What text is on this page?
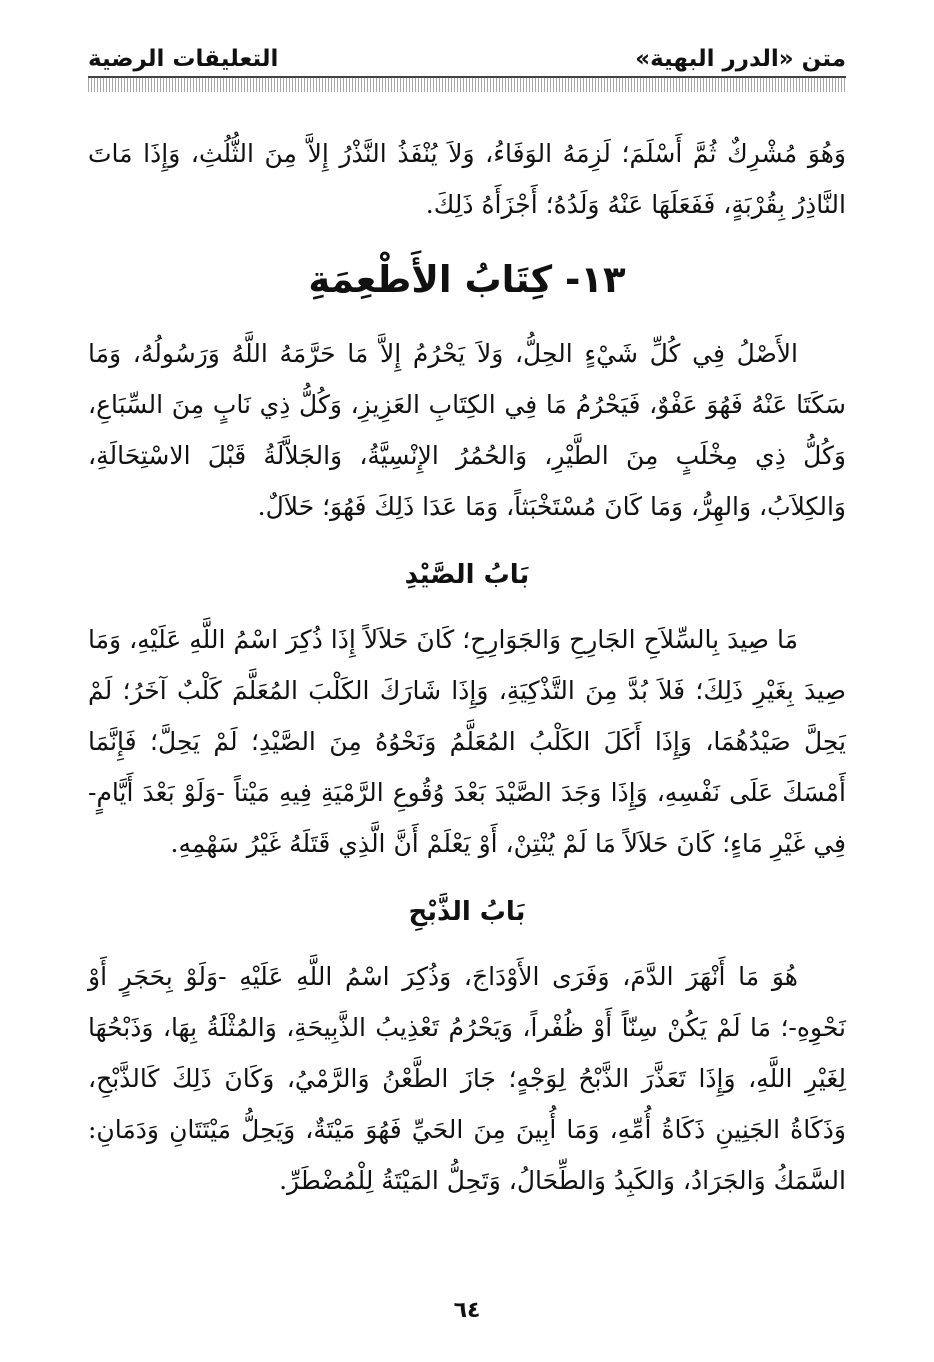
متن «الدرر البهية»
التعليقات الرضية

وَهُوَ مُشْرِكٌ ثُمَّ أَسْلَمَ؛ لَزِمَهُ الوَفَاءُ، وَلاَ يُنْفَذُ النَّذْرُ إِلاَّ مِنَ الثُّلُثِ، وَإِذَا مَاتَ النَّاذِرُ بِقُرْبَةٍ، فَفَعَلَهَا عَنْهُ وَلَدُهُ؛ أَجْزَأَهُ ذَلِكَ.

١٣- كِتَابُ الأَطْعِمَةِ

الأَصْلُ فِي كُلِّ شَيْءٍ الحِلُّ، وَلاَ يَحْرُمُ إِلاَّ مَا حَرَّمَهُ اللَّهُ وَرَسُولُهُ، وَمَا سَكَتَا عَنْهُ فَهُوَ عَفْوٌ، فَيَحْرُمُ مَا فِي الكِتَابِ العَزِيزِ، وَكُلُّ ذِي نَابٍ مِنَ السِّبَاعِ، وَكُلُّ ذِي مِخْلَبٍ مِنَ الطَّيْرِ، وَالحُمُرُ الإِنْسِيَّةُ، وَالجَلاَّلَةُ قَبْلَ الاسْتِحَالَةِ، وَالكِلاَبُ، وَالهِرُّ، وَمَا كَانَ مُسْتَخْبَثاً، وَمَا عَدَا ذَلِكَ فَهُوَ؛ حَلاَلٌ.

بَابُ الصَّيْدِ

مَا صِيدَ بِالسِّلاَحِ الجَارِحِ وَالجَوَارِحِ؛ كَانَ حَلاَلاً إِذَا ذُكِرَ اسْمُ اللَّهِ عَلَيْهِ، وَمَا صِيدَ بِغَيْرِ ذَلِكَ؛ فَلاَ بُدَّ مِنَ التَّذْكِيَةِ، وَإِذَا شَارَكَ الكَلْبَ المُعَلَّمَ كَلْبٌ آخَرُ؛ لَمْ يَحِلَّ صَيْدُهُمَا، وَإِذَا أَكَلَ الكَلْبُ المُعَلَّمُ وَنَحْوُهُ مِنَ الصَّيْدِ؛ لَمْ يَحِلَّ؛ فَإِنَّمَا أَمْسَكَ عَلَى نَفْسِهِ، وَإِذَا وَجَدَ الصَّيْدَ بَعْدَ وُقُوعِ الرَّمْيَةِ فِيهِ مَيْتاً -وَلَوْ بَعْدَ أَيَّامٍ- فِي غَيْرِ مَاءٍ؛ كَانَ حَلاَلاً مَا لَمْ يُنْتِنْ، أَوْ يَعْلَمْ أَنَّ الَّذِي قَتَلَهُ غَيْرُ سَهْمِهِ.

بَابُ الذَّبْحِ

هُوَ مَا أَنْهَرَ الدَّمَ، وَفَرَى الأَوْدَاجَ، وَذُكِرَ اسْمُ اللَّهِ عَلَيْهِ -وَلَوْ بِحَجَرٍ أَوْ نَحْوِهِ-؛ مَا لَمْ يَكُنْ سِنّاً أَوْ ظُفْراً، وَيَحْرُمُ تَعْذِيبُ الذَّبِيحَةِ، وَالمُثْلَةُ بِهَا، وَذَبْحُهَا لِغَيْرِ اللَّهِ، وَإِذَا تَعَذَّرَ الذَّبْحُ لِوَجْهٍ؛ جَازَ الطَّعْنُ وَالرَّمْيُ، وَكَانَ ذَلِكَ كَالذَّبْحِ، وَذَكَاةُ الجَنِينِ ذَكَاةُ أُمِّهِ، وَمَا أُبِينَ مِنَ الحَيِّ فَهُوَ مَيْتَةٌ، وَيَحِلُّ مَيْتَتَانِ وَدَمَانِ: السَّمَكُ وَالجَرَادُ، وَالكَبِدُ وَالطِّحَالُ، وَتَحِلُّ المَيْتَةُ لِلْمُضْطَرِّ.

٦٤
